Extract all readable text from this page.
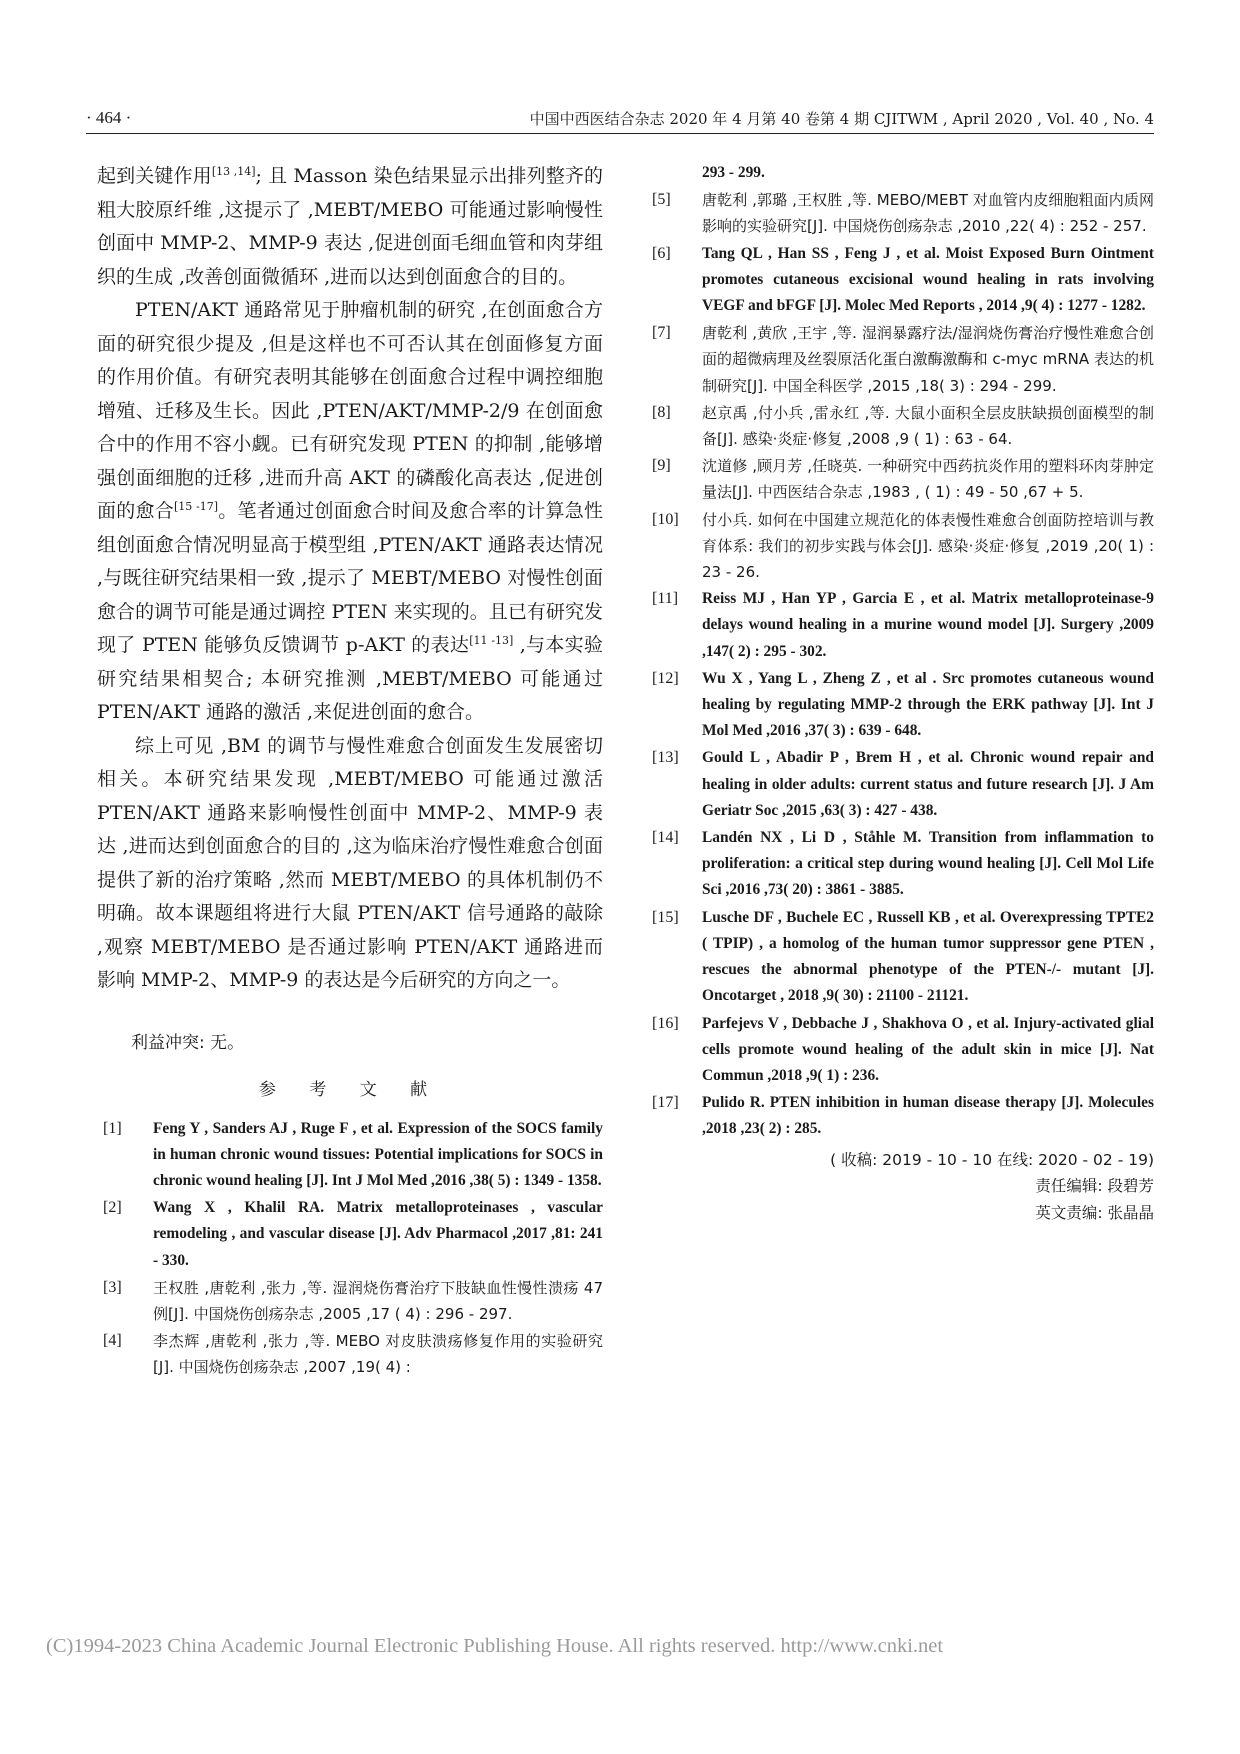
· 464 ·	中国中西医结合杂志 2020 年 4 月第 40 卷第 4 期 CJITWM , April 2020 , Vol. 40 , No. 4

起到关键作用[13 ,14]; 且 Masson 染色结果显示出排列整齐的粗大胶原纤维 ,这提示了 ,MEBT/MEBO 可能通过影响慢性创面中 MMP-2、MMP-9 表达 ,促进创面毛细血管和肉芽组织的生成 ,改善创面微循环 ,进而以达到创面愈合的目的。

PTEN/AKT 通路常见于肿瘤机制的研究 ,在创面愈合方面的研究很少提及 ,但是这样也不可否认其在创面修复方面的作用价值。有研究表明其能够在创面愈合过程中调控细胞增殖、迁移及生长。因此 ,PTEN/AKT/MMP-2/9 在创面愈合中的作用不容小觑。已有研究发现 PTEN 的抑制 ,能够增强创面细胞的迁移 ,进而升高 AKT 的磷酸化高表达 ,促进创面的愈合[15 -17]。笔者通过创面愈合时间及愈合率的计算急性组创面愈合情况明显高于模型组 ,PTEN/AKT 通路表达情况 ,与既往研究结果相一致 ,提示了 MEBT/MEBO 对慢性创面愈合的调节可能是通过调控 PTEN 来实现的。且已有研究发现了 PTEN 能够负反馈调节 p-AKT 的表达[11 -13] ,与本实验研究结果相契合; 本研究推测 ,MEBT/MEBO 可能通过 PTEN/AKT 通路的激活 ,来促进创面的愈合。

综上可见 ,BM 的调节与慢性难愈合创面发生发展密切相关。本研究结果发现 ,MEBT/MEBO 可能通过激活 PTEN/AKT 通路来影响慢性创面中 MMP-2、MMP-9 表达 ,进而达到创面愈合的目的 ,这为临床治疗慢性难愈合创面提供了新的治疗策略 ,然而 MEBT/MEBO 的具体机制仍不明确。故本课题组将进行大鼠 PTEN/AKT 信号通路的敲除 ,观察 MEBT/MEBO 是否通过影响 PTEN/AKT 通路进而影响 MMP-2、MMP-9 的表达是今后研究的方向之一。

利益冲突: 无。

参 考 文 献
[1]	Feng Y , Sanders AJ , Ruge F , et al. Expression of the SOCS family in human chronic wound tissues: Potential implications for SOCS in chronic wound healing [J]. Int J Mol Med ,2016 ,38( 5) : 1349 - 1358.
[2]	Wang X , Khalil RA. Matrix metalloproteinases , vascular remodeling , and vascular disease [J]. Adv Pharmacol ,2017 ,81: 241 - 330.
[3]	王权胜 ,唐乾利 ,张力 ,等. 湿润烧伤膏治疗下肢缺血性慢性溃疡 47 例[J]. 中国烧伤创疡杂志 ,2005 ,17 ( 4) : 296 - 297.
[4]	李杰辉 ,唐乾利 ,张力 ,等. MEBO 对皮肤溃疡修复作用的实验研究[J]. 中国烧伤创疡杂志 ,2007 ,19( 4) :
293 - 299.
[5]	唐乾利 ,郭璐 ,王权胜 ,等. MEBO/MEBT 对血管内皮细胞粗面内质网影响的实验研究[J]. 中国烧伤创疡杂志 ,2010 ,22( 4) : 252 - 257.
[6]	Tang QL , Han SS , Feng J , et al. Moist Exposed Burn Ointment promotes cutaneous excisional wound healing in rats involving VEGF and bFGF [J]. Molec Med Reports , 2014 ,9( 4) : 1277 - 1282.
[7]	唐乾利 ,黄欣 ,王宇 ,等. 湿润暴露疗法/湿润烧伤膏治疗慢性难愈合创面的超微病理及丝裂原活化蛋白激酶激酶和 c-myc mRNA 表达的机制研究[J]. 中国全科医学 ,2015 ,18( 3) : 294 - 299.
[8]	赵京禹 ,付小兵 ,雷永红 ,等. 大鼠小面积全层皮肤缺损创面模型的制备[J]. 感染·炎症·修复 ,2008 ,9 ( 1) : 63 - 64.
[9]	沈道修 ,顾月芳 ,任晓英. 一种研究中西药抗炎作用的塑料环肉芽肿定量法[J]. 中西医结合杂志 ,1983 , ( 1) : 49 - 50 ,67 + 5.
[10]	付小兵. 如何在中国建立规范化的体表慢性难愈合创面防控培训与教育体系: 我们的初步实践与体会[J]. 感染·炎症·修复 ,2019 ,20( 1) : 23 - 26.
[11]	Reiss MJ , Han YP , Garcia E , et al. Matrix metalloproteinase-9 delays wound healing in a murine wound model [J]. Surgery ,2009 ,147( 2) : 295 - 302.
[12]	Wu X , Yang L , Zheng Z , et al . Src promotes cutaneous wound healing by regulating MMP-2 through the ERK pathway [J]. Int J Mol Med ,2016 ,37( 3) : 639 - 648.
[13]	Gould L , Abadir P , Brem H , et al. Chronic wound repair and healing in older adults: current status and future research [J]. J Am Geriatr Soc ,2015 ,63( 3) : 427 - 438.
[14]	Landén NX , Li D , Ståhle M. Transition from inflammation to proliferation: a critical step during wound healing [J]. Cell Mol Life Sci ,2016 ,73( 20) : 3861 - 3885.
[15]	Lusche DF , Buchele EC , Russell KB , et al. Overexpressing TPTE2 ( TPIP) , a homolog of the human tumor suppressor gene PTEN , rescues the abnormal phenotype of the PTEN-/- mutant [J]. Oncotarget , 2018 ,9( 30) : 21100 - 21121.
[16]	Parfejevs V , Debbache J , Shakhova O , et al. Injury-activated glial cells promote wound healing of the adult skin in mice [J]. Nat Commun ,2018 ,9( 1) : 236.
[17]	Pulido R. PTEN inhibition in human disease therapy [J]. Molecules ,2018 ,23( 2) : 285.
( 收稿: 2019 - 10 - 10 在线: 2020 - 02 - 19)
责任编辑: 段碧芳
英文责编: 张晶晶
(C)1994-2023 China Academic Journal Electronic Publishing House. All rights reserved. http://www.cnki.net
